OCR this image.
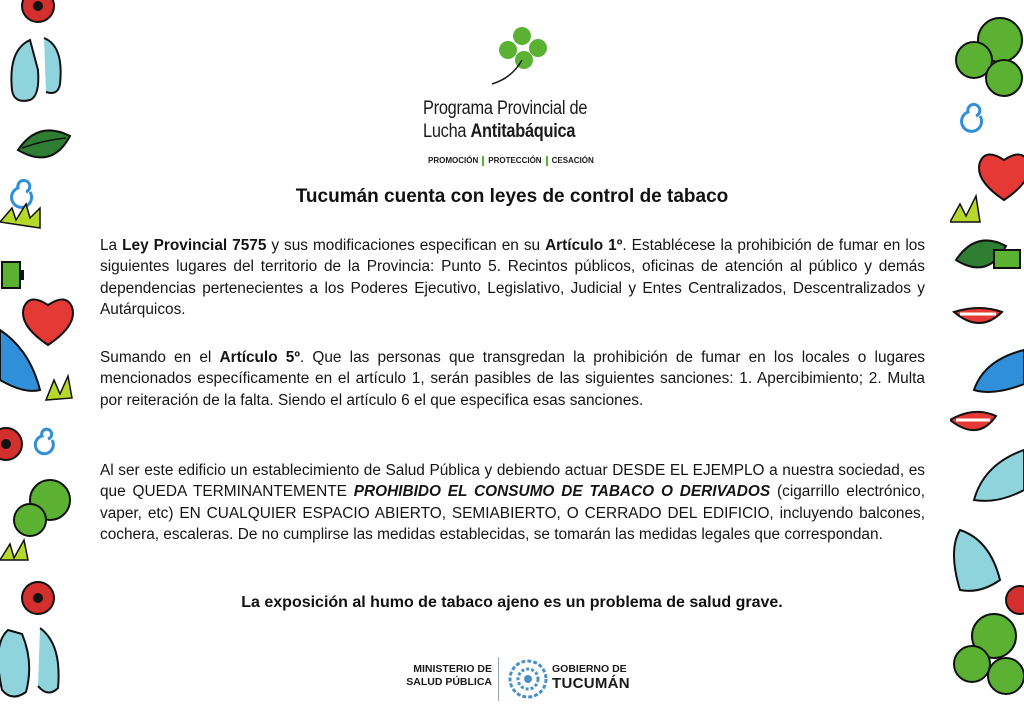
Programa Provincial de
Lucha Antitabáquica
PROMOCIÓN	PROTECCIÓN	CESACIÓN
Tucumán cuenta con leyes de control de tabaco
La Ley Provincial 7575 y sus modificaciones especifican en su Artículo 1º. Establécese la prohibición de fumar en los siguientes lugares del territorio de la Provincia: Punto 5. Recintos públicos, oficinas de atención al público y demás dependencias pertenecientes a los Poderes Ejecutivo, Legislativo, Judicial y Entes Centralizados, Descentralizados y Autárquicos.
Sumando en el Artículo 5º. Que las personas que transgredan la prohibición de fumar en los locales o lugares mencionados específicamente en el artículo 1, serán pasibles de las siguientes sanciones: 1. Apercibimiento; 2. Multa por reiteración de la falta. Siendo el artículo 6 el que especifica esas sanciones.
Al ser este edificio un establecimiento de Salud Pública y debiendo actuar DESDE EL EJEMPLO a nuestra sociedad, es que QUEDA TERMINANTEMENTE PROHIBIDO EL CONSUMO DE TABACO O DERIVADOS (cigarrillo electrónico, vaper, etc) EN CUALQUIER ESPACIO ABIERTO, SEMIABIERTO, O CERRADO DEL EDIFICIO, incluyendo balcones, cochera, escaleras. De no cumplirse las medidas establecidas, se tomarán las medidas legales que correspondan.
La exposición al humo de tabaco ajeno es un problema de salud grave.
MINISTERIO DE
SALUD PÚBLICA
GOBIERNO DE
TUCUMÁN
